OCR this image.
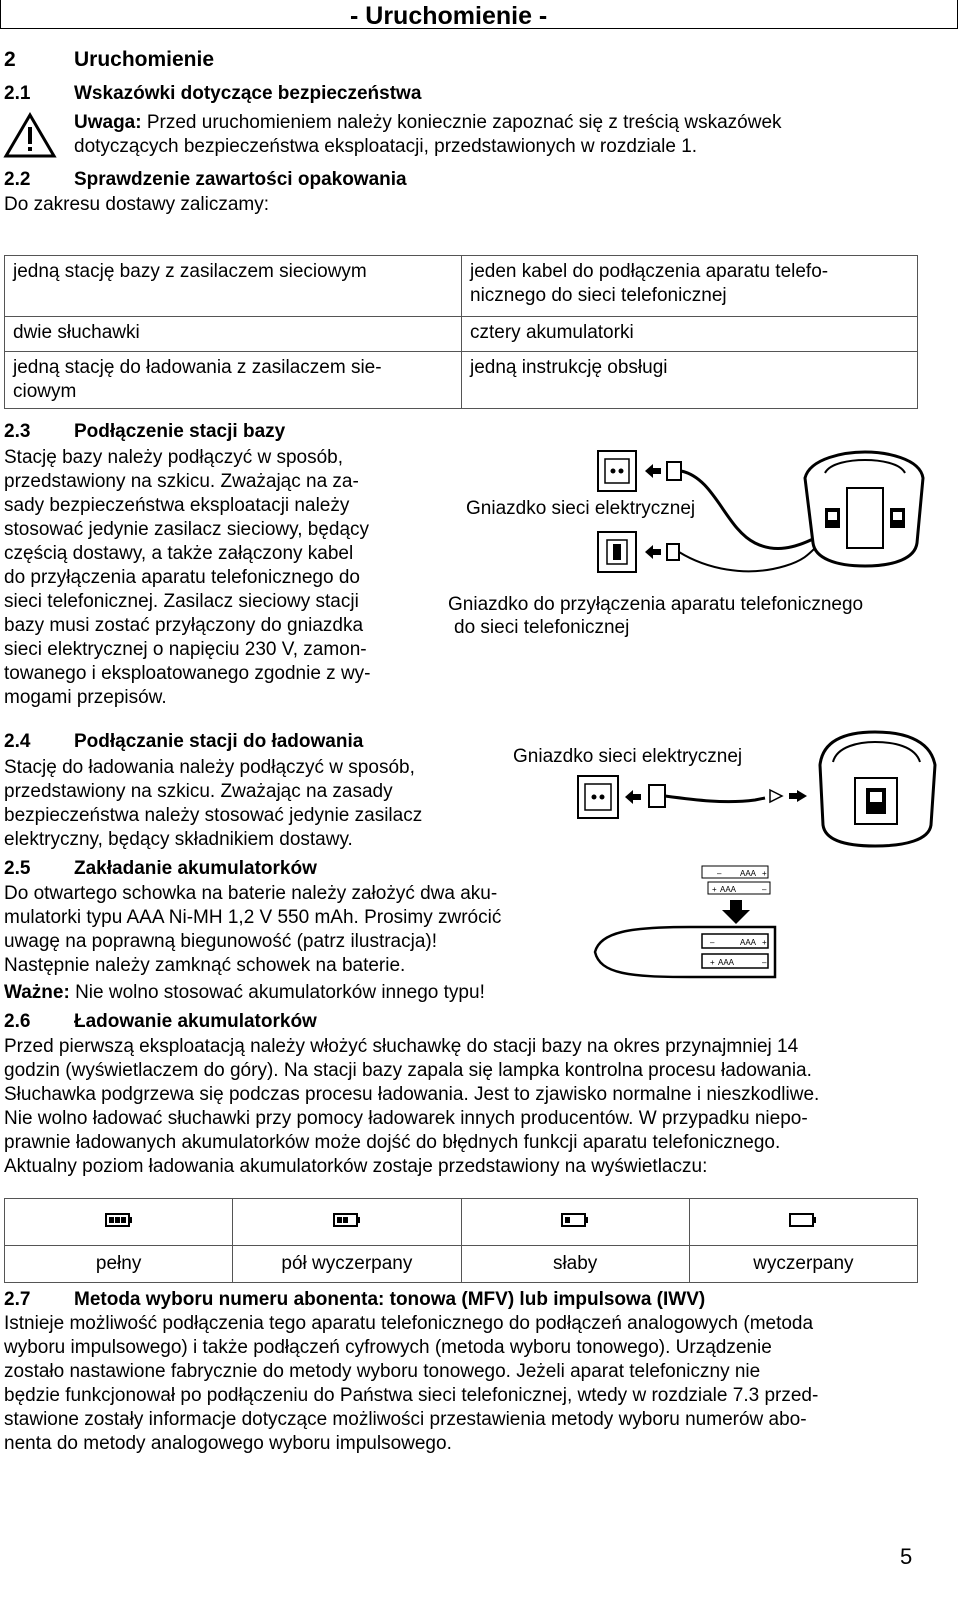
- Uruchomienie -
2	Uruchomienie
2.1 Wskazówki dotyczące bezpieczeństwa
Uwaga: Przed uruchomieniem należy koniecznie zapoznać się z treścią wskazówek
dotyczących bezpieczeństwa eksploatacji, przedstawionych w rozdziale 1.
2.2 Sprawdzenie zawartości opakowania
Do zakresu dostawy zaliczamy:
jedną stację bazy z zasilaczem sieciowym	jeden kabel do podłączenia aparatu telefo-
nicznego do sieci telefonicznej
dwie słuchawki	cztery akumulatorki
jedną stację do ładowania z zasilaczem sie-
ciowym	jedną instrukcję obsługi
2.3 Podłączenie stacji bazy
Stację bazy należy podłączyć w sposób,
przedstawiony na szkicu. Zważając na za-
sady bezpieczeństwa eksploatacji należy
stosować jedynie zasilacz sieciowy, będący
częścią dostawy, a także załączony kabel
do przyłączenia aparatu telefonicznego do
sieci telefonicznej. Zasilacz sieciowy stacji
bazy musi zostać przyłączony do gniazdka
sieci elektrycznej o napięciu 230 V, zamon-
towanego i eksploatowanego zgodnie z wy-
mogami przepisów.
Gniazdko sieci elektrycznej
Gniazdko do przyłączenia aparatu telefonicznego
do sieci telefonicznej
2.4 Podłączanie stacji do ładowania
Stację do ładowania należy podłączyć w sposób,
przedstawiony na szkicu. Zważając na zasady
bezpieczeństwa należy stosować jedynie zasilacz
elektryczny, będący składnikiem dostawy.
Gniazdko sieci elektrycznej
2.5 Zakładanie akumulatorków
Do otwartego schowka na baterie należy założyć dwa aku-
mulatorki typu AAA Ni-MH 1,2 V 550 mAh. Prosimy zwrócić
uwagę na poprawną biegunowość (patrz ilustracja)!
Następnie należy zamknąć schowek na baterie.
Ważne: Nie wolno stosować akumulatorków innego typu!
– AAA +
+ AAA	–
–	AAA +
+ AAA	–
2.6 Ładowanie akumulatorków
Przed pierwszą eksploatacją należy włożyć słuchawkę do stacji bazy na okres przynajmniej 14
godzin (wyświetlaczem do góry). Na stacji bazy zapala się lampka kontrolna procesu ładowania.
Słuchawka podgrzewa się podczas procesu ładowania. Jest to zjawisko normalne i nieszkodliwe.
Nie wolno ładować słuchawki przy pomocy ładowarek innych producentów. W przypadku niepo-
prawnie ładowanych akumulatorków może dojść do błędnych funkcji aparatu telefonicznego.
Aktualny poziom ładowania akumulatorków zostaje przedstawiony na wyświetlaczu:

pełny	pół wyczerpany	słaby	wyczerpany
2.7 Metoda wyboru numeru abonenta: tonowa (MFV) lub impulsowa (IWV)
Istnieje możliwość podłączenia tego aparatu telefonicznego do podłączeń analogowych (metoda
wyboru impulsowego) i także podłączeń cyfrowych (metoda wyboru tonowego). Urządzenie
zostało nastawione fabrycznie do metody wyboru tonowego. Jeżeli aparat telefoniczny nie
będzie funkcjonował po podłączeniu do Państwa sieci telefonicznej, wtedy w rozdziale 7.3 przed-
stawione zostały informacje dotyczące możliwości przestawienia metody wyboru numerów abo-
nenta do metody analogowego wyboru impulsowego.
5
